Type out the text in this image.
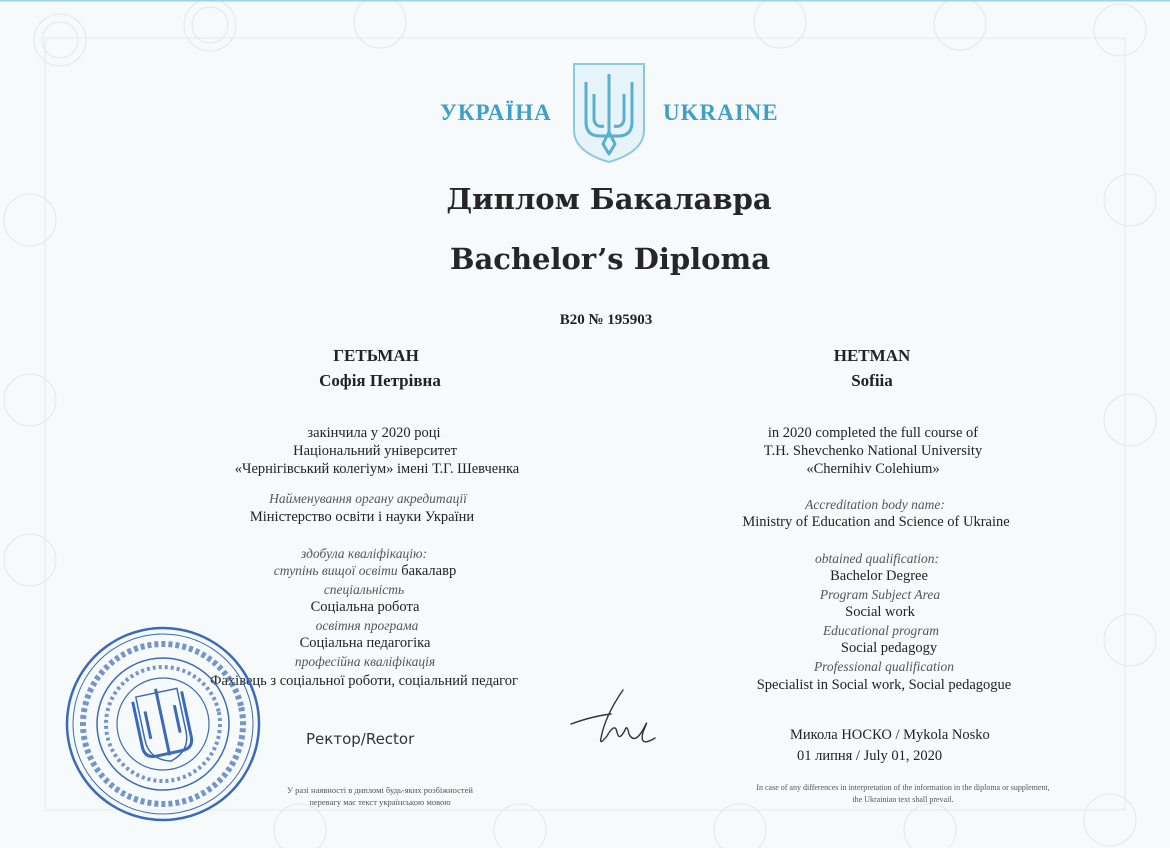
УКРАЇНА	UKRAINE
Диплом Бакалавра
Bachelor’s Diploma
B20 № 195903
ГЕТЬМАН
Софія Петрівна
HETMAN
Sofiia
закінчила у 2020 році
Національний університет
«Чернігівський колегіум» імені Т.Г. Шевченка
Найменування органу акредитації
Міністерство освіти і науки України
здобула кваліфікацію:
ступінь вищої освіти бакалавр
спеціальність
Соціальна робота
освітня програма
Соціальна педагогіка
професійна кваліфікація
Фахівець з соціальної роботи, соціальний педагог
in 2020 completed the full course of
T.H. Shevchenko National University
«Chernihiv Colehium»
Accreditation body name:
Ministry of Education and Science of Ukraine
obtained qualification:
Bachelor Degree
Program Subject Area
Social work
Educational program
Social pedagogy
Professional qualification
Specialist in Social work, Social pedagogue
Ректор/Rector	Микола НОСКО / Mykola Nosko
01 липня / July 01, 2020
У разі наявності в дипломі будь-яких розбіжностей
перевагу має текст українською мовою
In case of any differences in interpretation of the information in the diploma or supplement,
the Ukrainian text shall prevail.
